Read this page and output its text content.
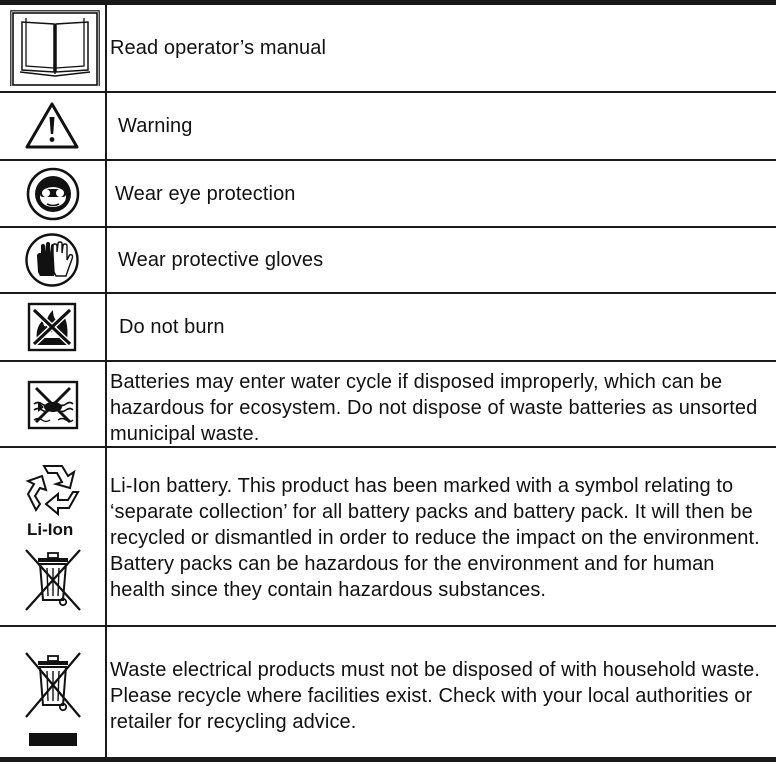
Read operator’s manual
Warning
Wear eye protection
Wear protective gloves
Do not burn
Batteries may enter water cycle if disposed improperly, which can be hazardous for ecosystem. Do not dispose of waste batteries as unsorted municipal waste.
Li-Ion
Li-Ion battery. This product has been marked with a symbol relating to ‘separate collection’ for all battery packs and battery pack. It will then be recycled or dismantled in order to reduce the impact on the environment. Battery packs can be hazardous for the environment and for human health since they contain hazardous substances.
Waste electrical products must not be disposed of with household waste. Please recycle where facilities exist. Check with your local authorities or retailer for recycling advice.
